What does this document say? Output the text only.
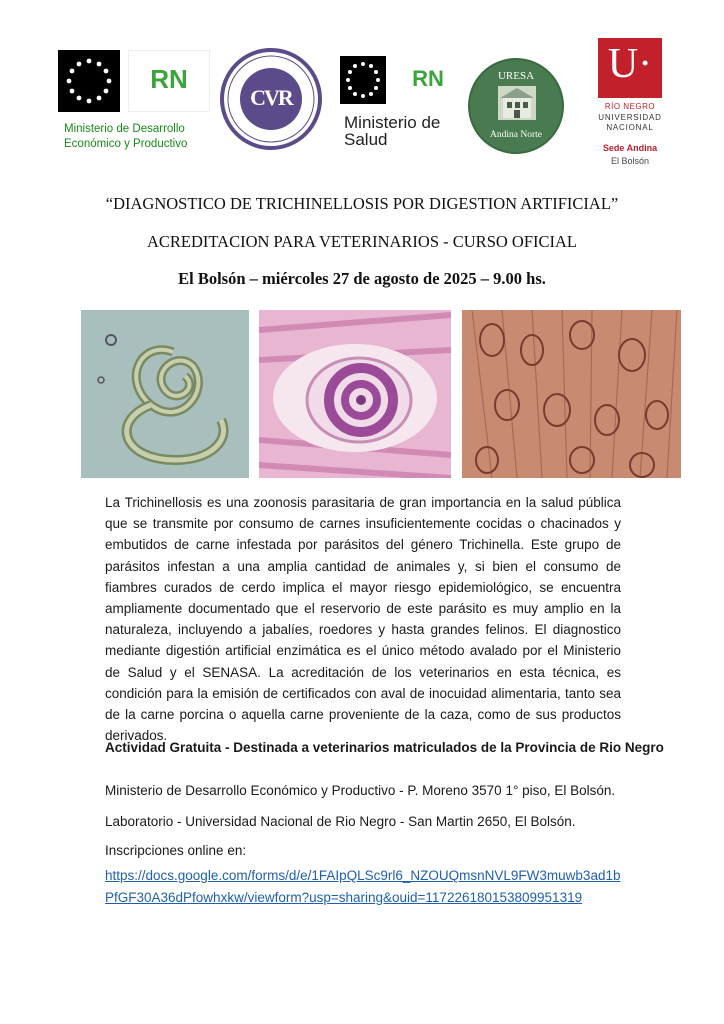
RN
Ministerio de Desarrollo
Económico y Productivo
CVR
RN
Ministerio de
Salud
URESA
Andina Norte
U·
RÍO NEGRO
UNIVERSIDAD
NACIONAL
Sede Andina
El Bolsón
“DIAGNOSTICO DE TRICHINELLOSIS POR DIGESTION ARTIFICIAL”
ACREDITACION PARA VETERINARIOS - CURSO OFICIAL
El Bolsón – miércoles 27 de agosto de 2025 – 9.00 hs.
La Trichinellosis es una zoonosis parasitaria de gran importancia en la salud pública que se transmite por consumo de carnes insuficientemente cocidas o chacinados y embutidos de carne infestada por parásitos del género Trichinella. Este grupo de parásitos infestan a una amplia cantidad de animales y, si bien el consumo de fiambres curados de cerdo implica el mayor riesgo epidemiológico, se encuentra ampliamente documentado que el reservorio de este parásito es muy amplio en la naturaleza, incluyendo a jabalíes, roedores y hasta grandes felinos. El diagnostico mediante digestión artificial enzimática es el único método avalado por el Ministerio de Salud y el SENASA. La acreditación de los veterinarios en esta técnica, es condición para la emisión de certificados con aval de inocuidad alimentaria, tanto sea de la carne porcina o aquella carne proveniente de la caza, como de sus productos derivados.
Actividad Gratuita - Destinada a veterinarios matriculados de la Provincia de Rio Negro
Ministerio de Desarrollo Económico y Productivo - P. Moreno 3570 1° piso, El Bolsón.
Laboratorio - Universidad Nacional de Rio Negro - San Martin 2650, El Bolsón.
Inscripciones online en:
https://docs.google.com/forms/d/e/1FAIpQLSc9rl6_NZOUQmsnNVL9FW3muwb3ad1bPfGF30A36dPfowhxkw/viewform?usp=sharing&ouid=117226180153809951319
